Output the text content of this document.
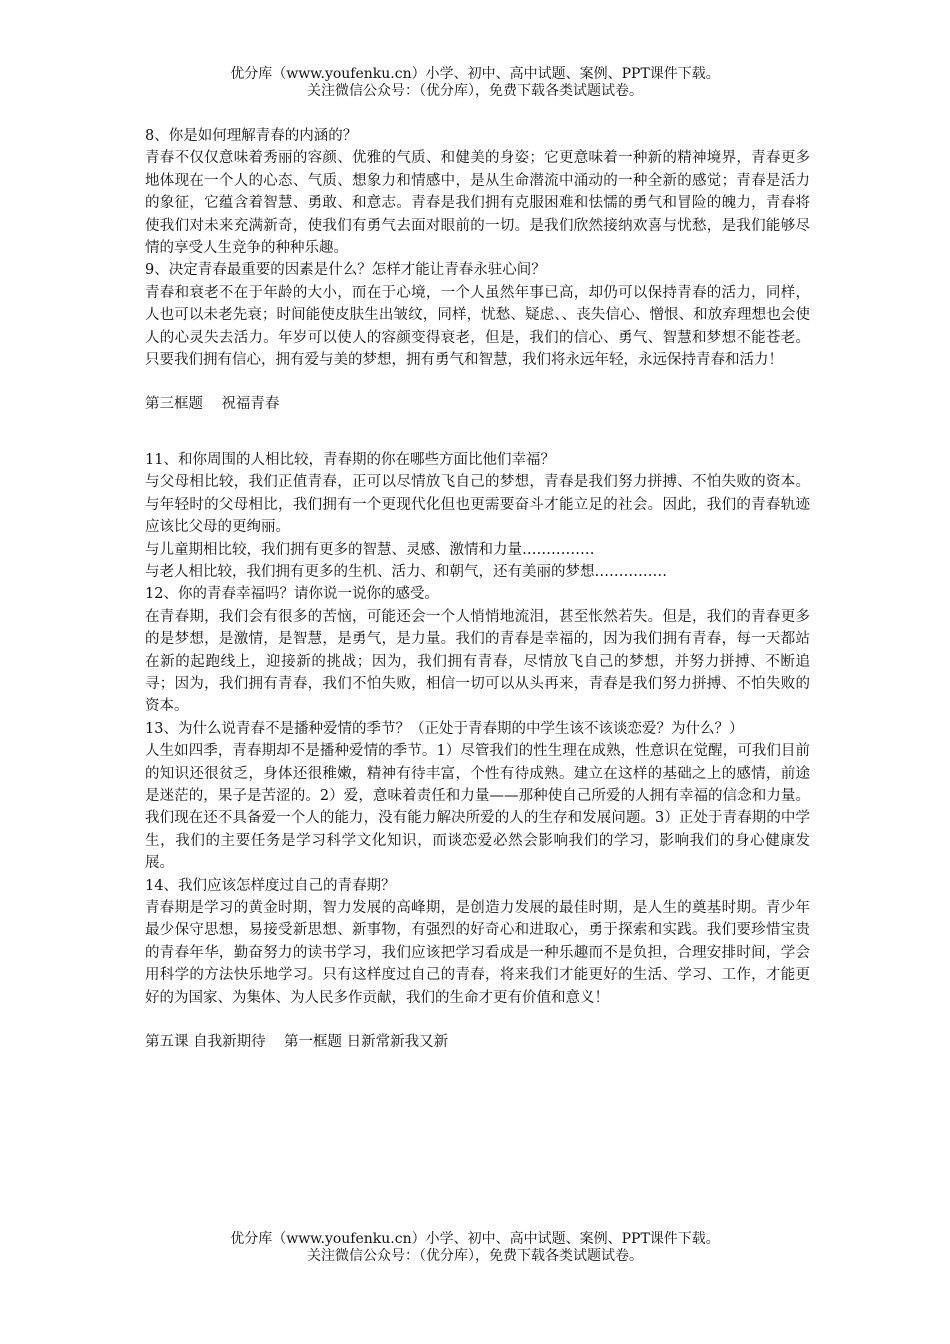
优分库（www.youfenku.cn）小学、初中、高中试题、案例、PPT课件下载。
关注微信公众号：（优分库），免费下载各类试题试卷。

8、你是如何理解青春的内涵的？

青春不仅仅意味着秀丽的容颜、优雅的气质、和健美的身姿；它更意味着一种新的精神境界，青春更多地体现在一个人的心态、气质、想象力和情感中，是从生命潜流中涌动的一种全新的感觉；青春是活力的象征，它蕴含着智慧、勇敢、和意志。青春是我们拥有克服困难和怯懦的勇气和冒险的魄力，青春将使我们对未来充满新奇，使我们有勇气去面对眼前的一切。是我们欣然接纳欢喜与忧愁，是我们能够尽情的享受人生竞争的种种乐趣。

9、决定青春最重要的因素是什么？怎样才能让青春永驻心间？

青春和衰老不在于年龄的大小，而在于心境，一个人虽然年事已高，却仍可以保持青春的活力，同样，人也可以未老先衰；时间能使皮肤生出皱纹，同样，忧愁、疑虑、、丧失信心、憎恨、和放弃理想也会使人的心灵失去活力。年岁可以使人的容颜变得衰老，但是，我们的信心、勇气、智慧和梦想不能苍老。只要我们拥有信心，拥有爱与美的梦想，拥有勇气和智慧，我们将永远年轻，永远保持青春和活力！

第三框题    祝福青春

11、和你周围的人相比较，青春期的你在哪些方面比他们幸福？

与父母相比较，我们正值青春，正可以尽情放飞自己的梦想，青春是我们努力拼搏、不怕失败的资本。与年轻时的父母相比，我们拥有一个更现代化但也更需要奋斗才能立足的社会。因此，我们的青春轨迹应该比父母的更绚丽。

与儿童期相比较，我们拥有更多的智慧、灵感、激情和力量……………

与老人相比较，我们拥有更多的生机、活力、和朝气，还有美丽的梦想……………

12、你的青春幸福吗？请你说一说你的感受。

在青春期，我们会有很多的苦恼，可能还会一个人悄悄地流泪，甚至怅然若失。但是，我们的青春更多的是梦想，是激情，是智慧，是勇气，是力量。我们的青春是幸福的，因为我们拥有青春，每一天都站在新的起跑线上，迎接新的挑战；因为，我们拥有青春，尽情放飞自己的梦想，并努力拼搏、不断追寻；因为，我们拥有青春，我们不怕失败，相信一切可以从头再来，青春是我们努力拼搏、不怕失败的资本。

13、为什么说青春不是播种爱情的季节？（正处于青春期的中学生该不该谈恋爱？为什么？）

人生如四季，青春期却不是播种爱情的季节。1）尽管我们的性生理在成熟，性意识在觉醒，可我们目前的知识还很贫乏，身体还很稚嫩，精神有待丰富，个性有待成熟。建立在这样的基础之上的感情，前途是迷茫的，果子是苦涩的。2）爱，意味着责任和力量——那种使自己所爱的人拥有幸福的信念和力量。我们现在还不具备爱一个人的能力，没有能力解决所爱的人的生存和发展问题。3）正处于青春期的中学生，我们的主要任务是学习科学文化知识，而谈恋爱必然会影响我们的学习，影响我们的身心健康发展。

14、我们应该怎样度过自己的青春期？

青春期是学习的黄金时期，智力发展的高峰期，是创造力发展的最佳时期，是人生的奠基时期。青少年最少保守思想，易接受新思想、新事物，有强烈的好奇心和进取心，勇于探索和实践。我们要珍惜宝贵的青春年华，勤奋努力的读书学习，我们应该把学习看成是一种乐趣而不是负担，合理安排时间，学会用科学的方法快乐地学习。只有这样度过自己的青春，将来我们才能更好的生活、学习、工作，才能更好的为国家、为集体、为人民多作贡献，我们的生命才更有价值和意义！

第五课 自我新期待    第一框题 日新常新我又新

优分库（www.youfenku.cn）小学、初中、高中试题、案例、PPT课件下载。
关注微信公众号：（优分库），免费下载各类试题试卷。
